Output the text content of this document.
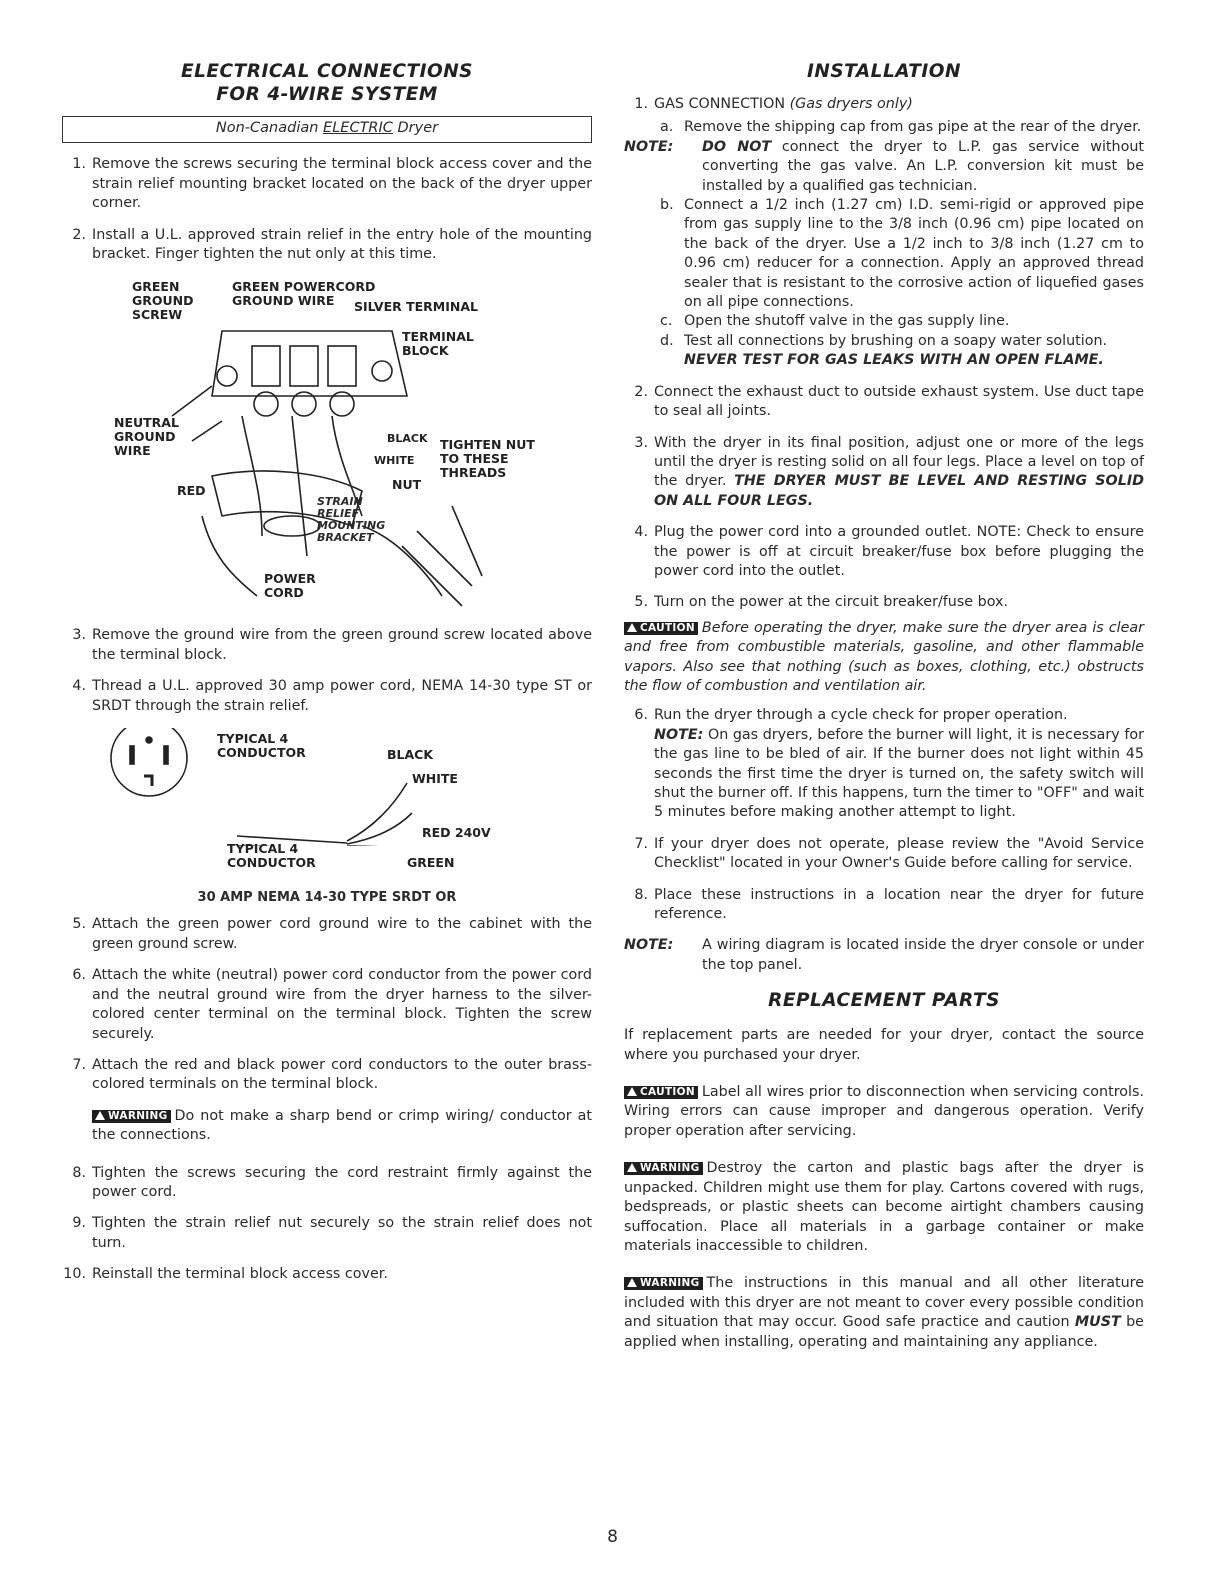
ELECTRICAL CONNECTIONS
FOR 4-WIRE SYSTEM
Non-Canadian ELECTRIC Dryer
1. Remove the screws securing the terminal block access cover and the strain relief mounting bracket located on the back of the dryer upper corner.
2. Install a U.L. approved strain relief in the entry hole of the mounting bracket. Finger tighten the nut only at this time.
GREEN
GROUND
SCREW
GREEN POWERCORD
GROUND WIRE	SILVER TERMINAL
TERMINAL
BLOCK
NEUTRAL
GROUND
WIRE
BLACK
WHITE
RED
TIGHTEN NUT
TO THESE
THREADS
NUT
STRAIN
RELIEF
MOUNTING
BRACKET
POWER
CORD
3. Remove the ground wire from the green ground screw located above the terminal block.
4. Thread a U.L. approved 30 amp power cord, NEMA 14-30 type ST or SRDT through the strain relief.
TYPICAL 4
CONDUCTOR	BLACK
WHITE
RED 240V
TYPICAL 4
CONDUCTOR	GREEN
30 AMP NEMA 14-30 TYPE SRDT OR
5. Attach the green power cord ground wire to the cabinet with the green ground screw.
6. Attach the white (neutral) power cord conductor from the power cord and the neutral ground wire from the dryer harness to the silver-colored center terminal on the terminal block. Tighten the screw securely.
7. Attach the red and black power cord conductors to the outer brass-colored terminals on the terminal block.
WARNING Do not make a sharp bend or crimp wiring/ conductor at the connections.
8. Tighten the screws securing the cord restraint firmly against the power cord.
9. Tighten the strain relief nut securely so the strain relief does not turn.
10. Reinstall the terminal block access cover.
INSTALLATION
1. GAS CONNECTION (Gas dryers only)
a. Remove the shipping cap from gas pipe at the rear of the dryer.
NOTE: DO NOT connect the dryer to L.P. gas service without converting the gas valve. An L.P. conversion kit must be installed by a qualified gas technician.
b. Connect a 1/2 inch (1.27 cm) I.D. semi-rigid or approved pipe from gas supply line to the 3/8 inch (0.96 cm) pipe located on the back of the dryer. Use a 1/2 inch to 3/8 inch (1.27 cm to 0.96 cm) reducer for a connection. Apply an approved thread sealer that is resistant to the corrosive action of liquefied gases on all pipe connections.
c. Open the shutoff valve in the gas supply line.
d. Test all connections by brushing on a soapy water solution.
NEVER TEST FOR GAS LEAKS WITH AN OPEN FLAME.
2. Connect the exhaust duct to outside exhaust system. Use duct tape to seal all joints.
3. With the dryer in its final position, adjust one or more of the legs until the dryer is resting solid on all four legs. Place a level on top of the dryer. THE DRYER MUST BE LEVEL AND RESTING SOLID ON ALL FOUR LEGS.
4. Plug the power cord into a grounded outlet. NOTE: Check to ensure the power is off at circuit breaker/fuse box before plugging the power cord into the outlet.
5. Turn on the power at the circuit breaker/fuse box.
CAUTION Before operating the dryer, make sure the dryer area is clear and free from combustible materials, gasoline, and other flammable vapors. Also see that nothing (such as boxes, clothing, etc.) obstructs the flow of combustion and ventilation air.
6. Run the dryer through a cycle check for proper operation.
NOTE: On gas dryers, before the burner will light, it is necessary for the gas line to be bled of air. If the burner does not light within 45 seconds the first time the dryer is turned on, the safety switch will shut the burner off. If this happens, turn the timer to "OFF" and wait 5 minutes before making another attempt to light.
7. If your dryer does not operate, please review the "Avoid Service Checklist" located in your Owner's Guide before calling for service.
8. Place these instructions in a location near the dryer for future reference.
NOTE: A wiring diagram is located inside the dryer console or under the top panel.
REPLACEMENT PARTS
If replacement parts are needed for your dryer, contact the source where you purchased your dryer.
CAUTION Label all wires prior to disconnection when servicing controls. Wiring errors can cause improper and dangerous operation. Verify proper operation after servicing.
WARNING Destroy the carton and plastic bags after the dryer is unpacked. Children might use them for play. Cartons covered with rugs, bedspreads, or plastic sheets can become airtight chambers causing suffocation. Place all materials in a garbage container or make materials inaccessible to children.
WARNING The instructions in this manual and all other literature included with this dryer are not meant to cover every possible condition and situation that may occur. Good safe practice and caution MUST be applied when installing, operating and maintaining any appliance.
8
